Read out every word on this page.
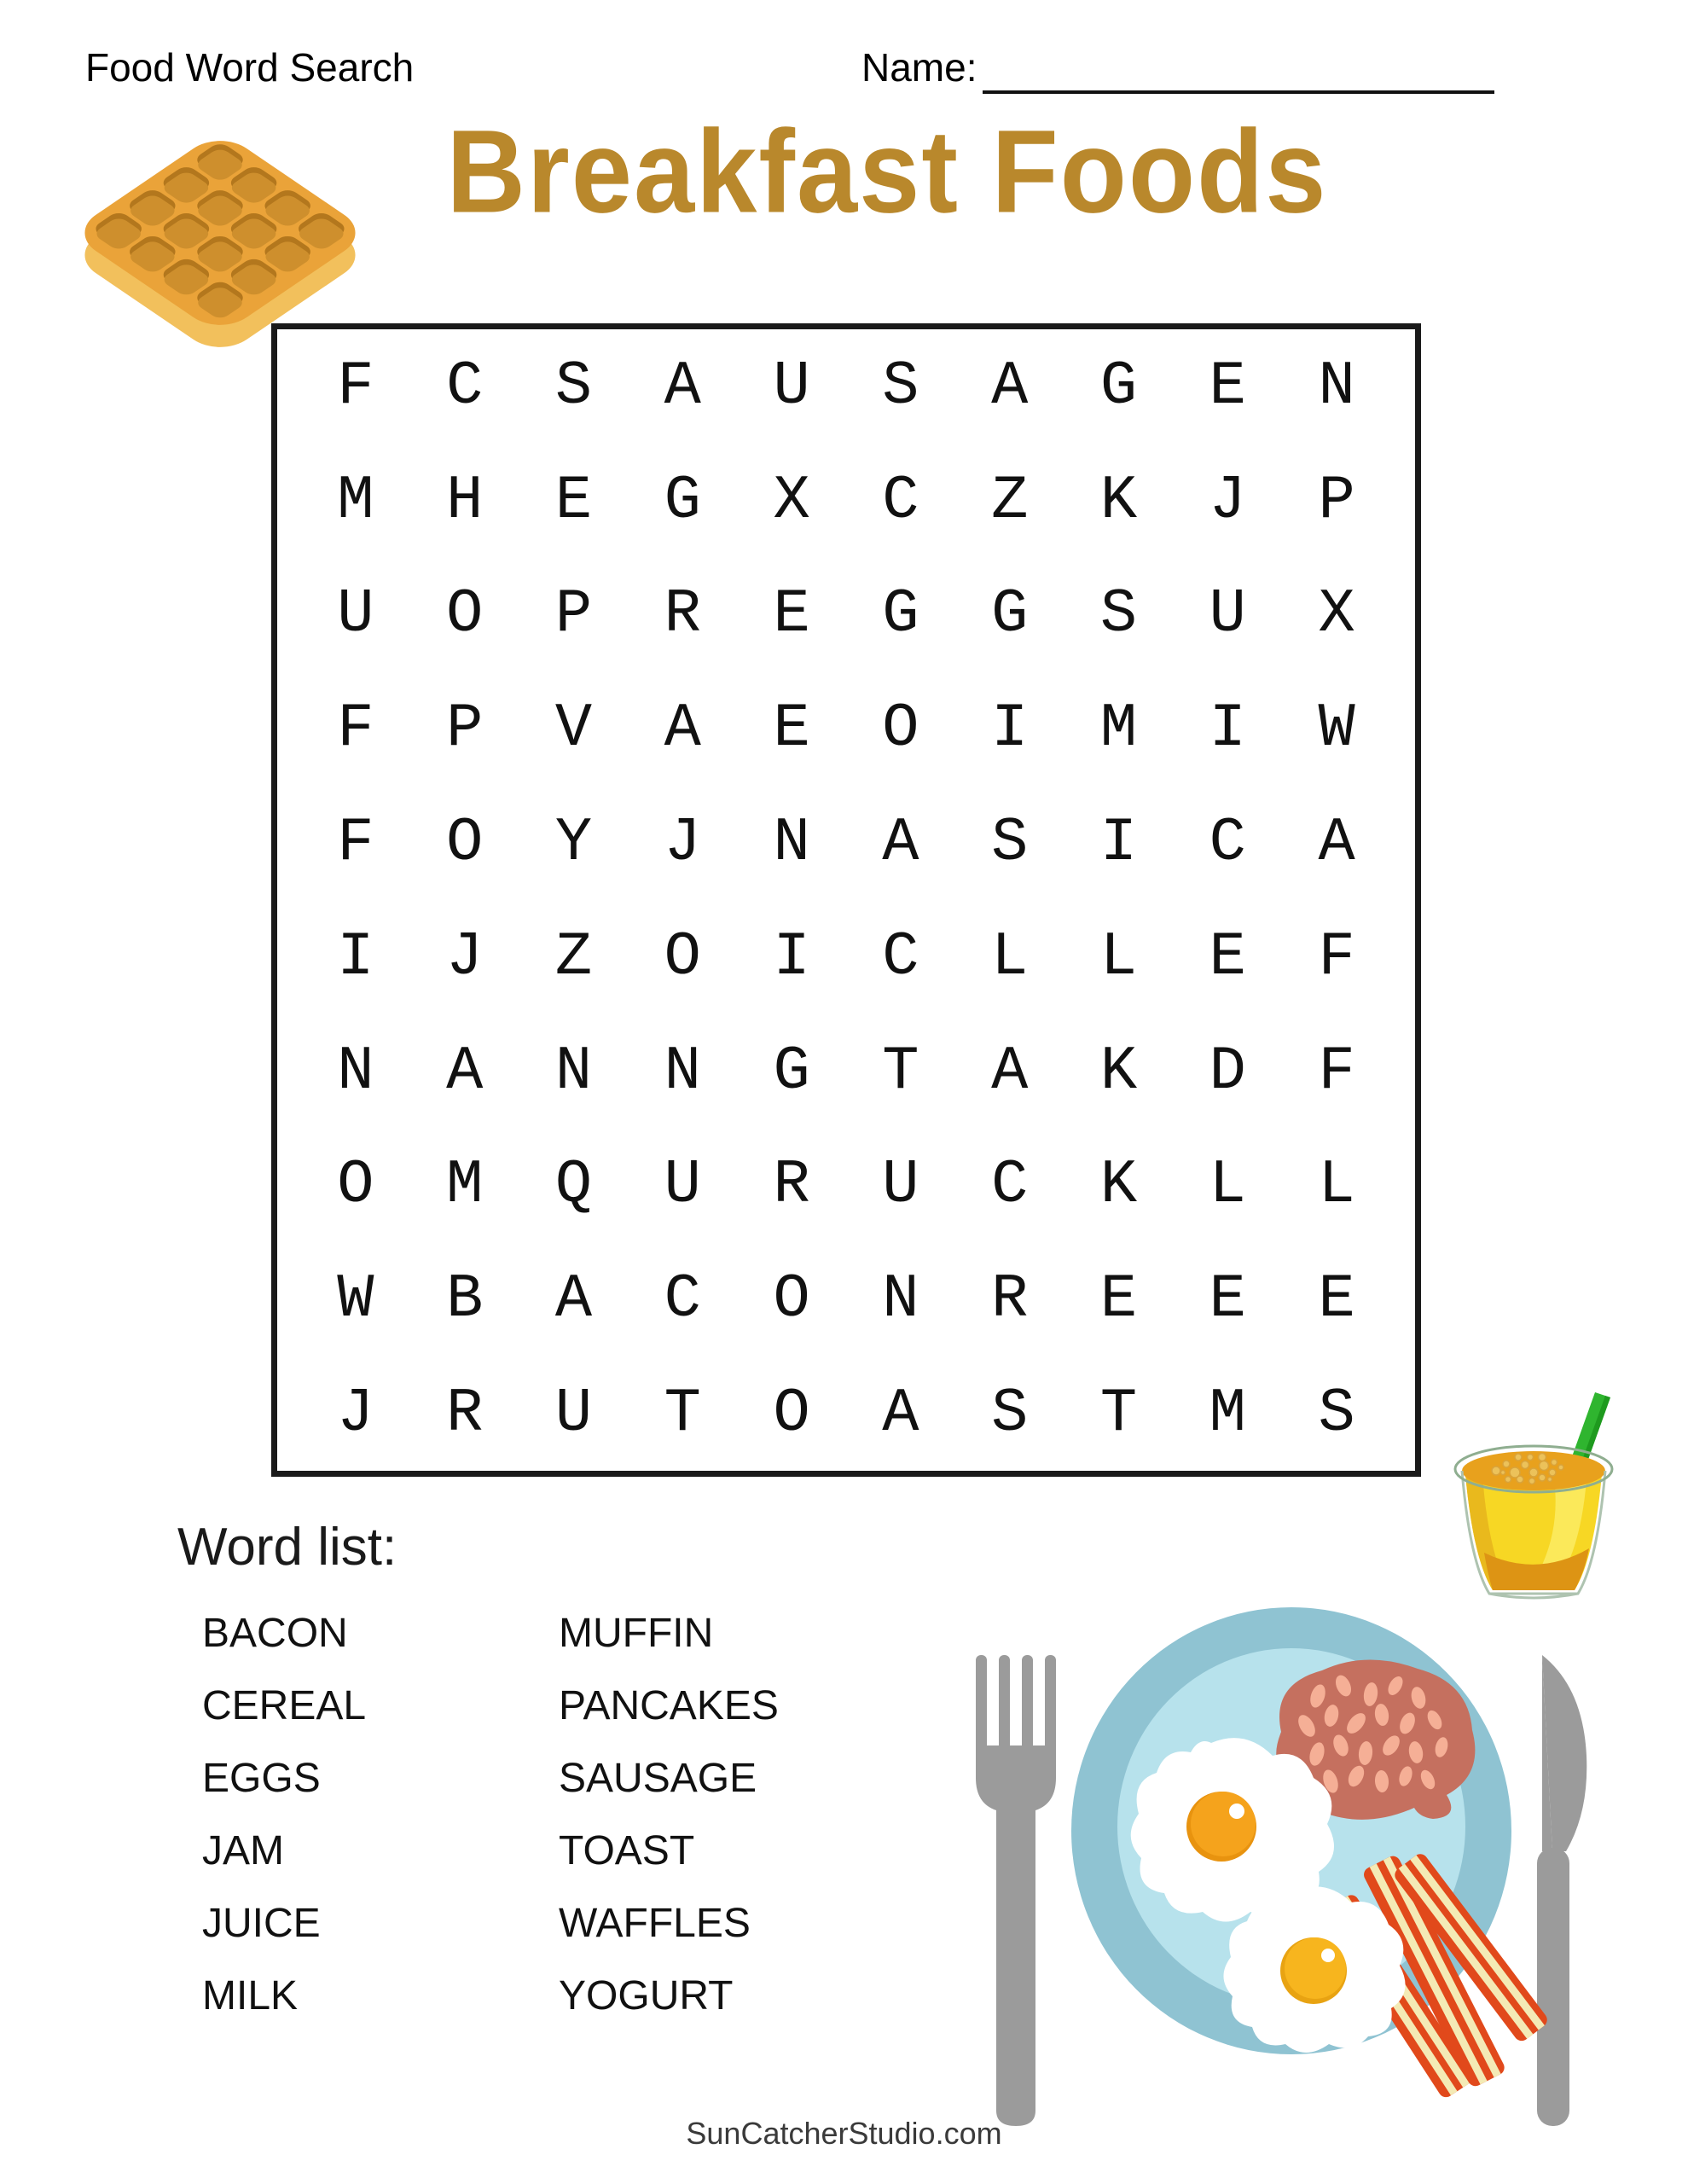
Food Word Search	Name:
Breakfast Foods
F	C	S	A	U	S	A	G	E	N
M	H	E	G	X	C	Z	K	J	P
U	O	P	R	E	G	G	S	U	X
F	P	V	A	E	O	I	M	I	W
F	O	Y	J	N	A	S	I	C	A
I	J	Z	O	I	C	L	L	E	F
N	A	N	N	G	T	A	K	D	F
O	M	Q	U	R	U	C	K	L	L
W	B	A	C	O	N	R	E	E	E
J	R	U	T	O	A	S	T	M	S
Word list:
BACON
CEREAL
EGGS
JAM
JUICE
MILK
MUFFIN
PANCAKES
SAUSAGE
TOAST
WAFFLES
YOGURT
SunCatcherStudio.com
